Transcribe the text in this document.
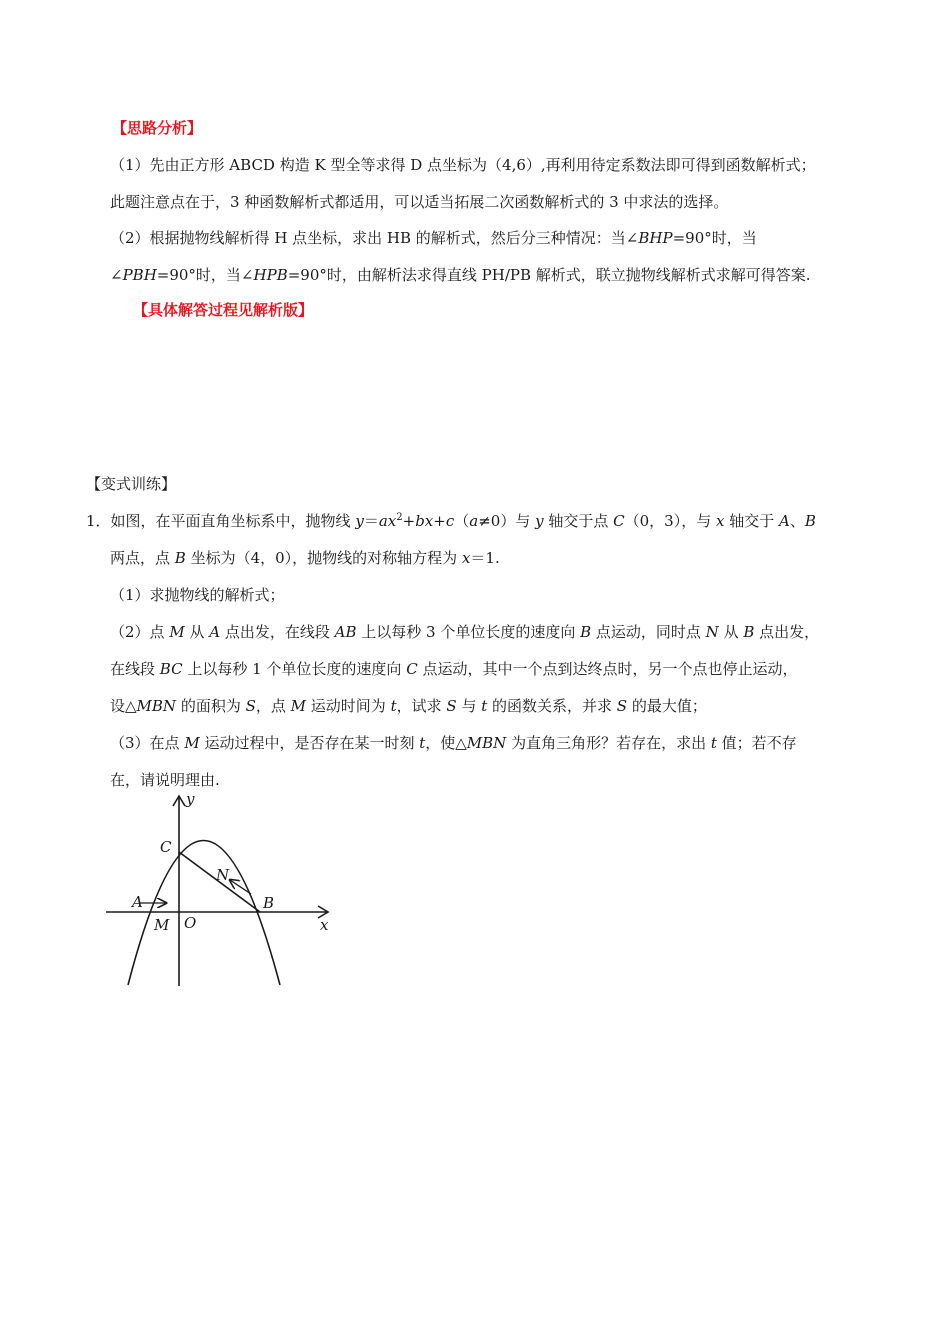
【思路分析】
（1）先由正方形 ABCD 构造 K 型全等求得 D 点坐标为（4,6）,再利用待定系数法即可得到函数解析式；
此题注意点在于，3 种函数解析式都适用，可以适当拓展二次函数解析式的 3 中求法的选择。
（2）根据抛物线解析得 H 点坐标，求出 HB 的解析式，然后分三种情况：当∠BHP=90°时，当
∠PBH=90°时，当∠HPB=90°时，由解析法求得直线 PH/PB 解析式，联立抛物线解析式求解可得答案.
【具体解答过程见解析版】
【变式训练】
1．如图，在平面直角坐标系中，抛物线 $y=ax^2+bx+c(a\ne 0)$与 y 轴交于点 C（0，3），与 x 轴交于 A、B
两点，点 B 坐标为（4，0），抛物线的对称轴方程为 x＝1.
（1）求抛物线的解析式；
（2）点 M 从 A 点出发，在线段 AB 上以每秒 3 个单位长度的速度向 B 点运动，同时点 N 从 B 点出发，
在线段 BC 上以每秒 1 个单位长度的速度向 C 点运动，其中一个点到达终点时，另一个点也停止运动，
设△MBN 的面积为 S，点 M 运动时间为 t，试求 S 与 t 的函数关系，并求 S 的最大值；
（3）在点 M 运动过程中，是否存在某一时刻 t，使△MBN 为直角三角形？若存在，求出 t 值；若不存
在，请说明理由.
y
x
C
N
A	B
M O
